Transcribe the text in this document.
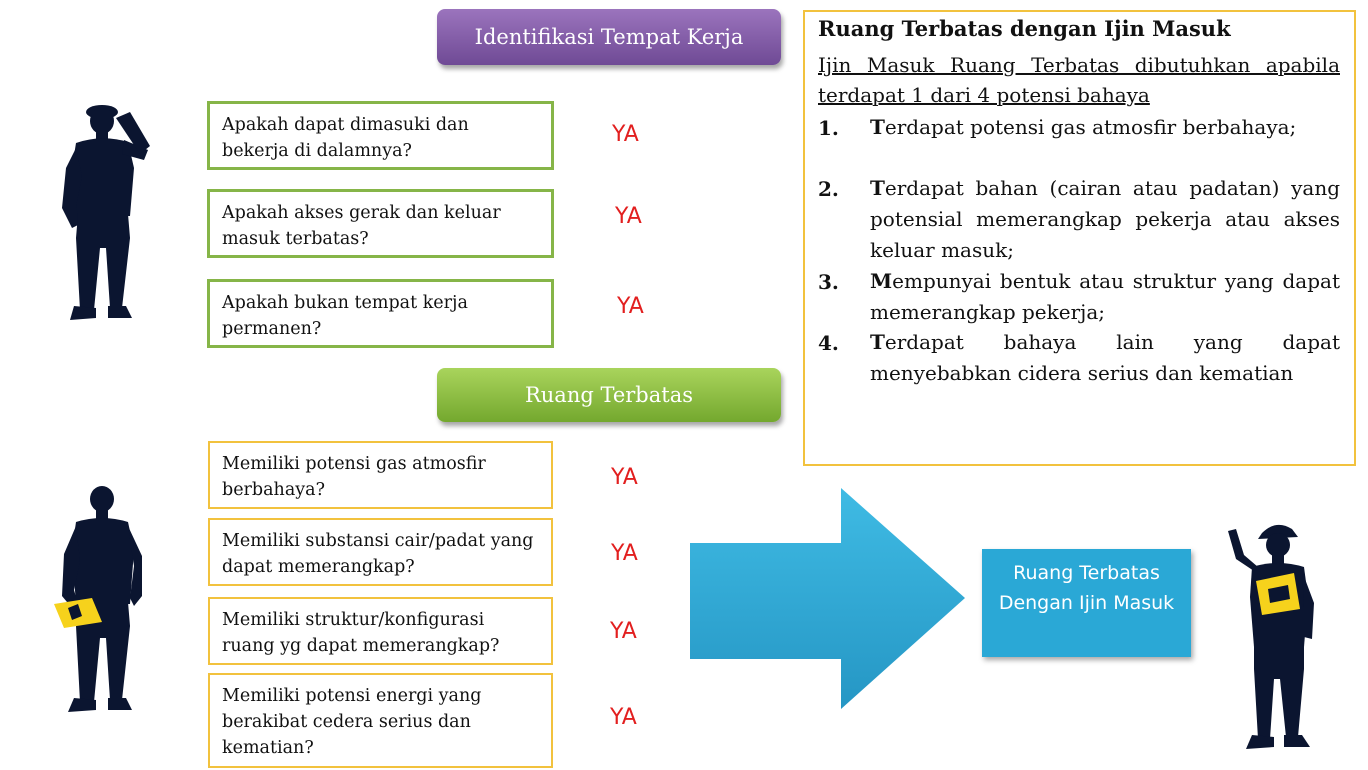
Identifikasi Tempat Kerja
Apakah dapat dimasuki dan bekerja di dalamnya?
YA
Apakah akses gerak dan keluar masuk terbatas?
YA
Apakah bukan tempat kerja permanen?
YA
Ruang Terbatas
Memiliki potensi gas atmosfir berbahaya?	YA
Memiliki substansi cair/padat yang dapat memerangkap?
YA
Memiliki struktur/konfigurasi ruang yg dapat memerangkap?
YA
Memiliki potensi energi yang berakibat cedera serius dan kematian?
YA
Ruang Terbatas dengan Ijin Masuk
Ijin Masuk Ruang Terbatas dibutuhkan apabila terdapat 1 dari 4 potensi bahaya
1. Terdapat potensi gas atmosfir berbahaya;
2. Terdapat bahan (cairan atau padatan) yang potensial memerangkap pekerja atau akses keluar masuk;
3. Mempunyai bentuk atau struktur yang dapat memerangkap pekerja;
4. Terdapat bahaya lain yang dapat menyebabkan cidera serius dan kematian
Ruang Terbatas Dengan Ijin Masuk
